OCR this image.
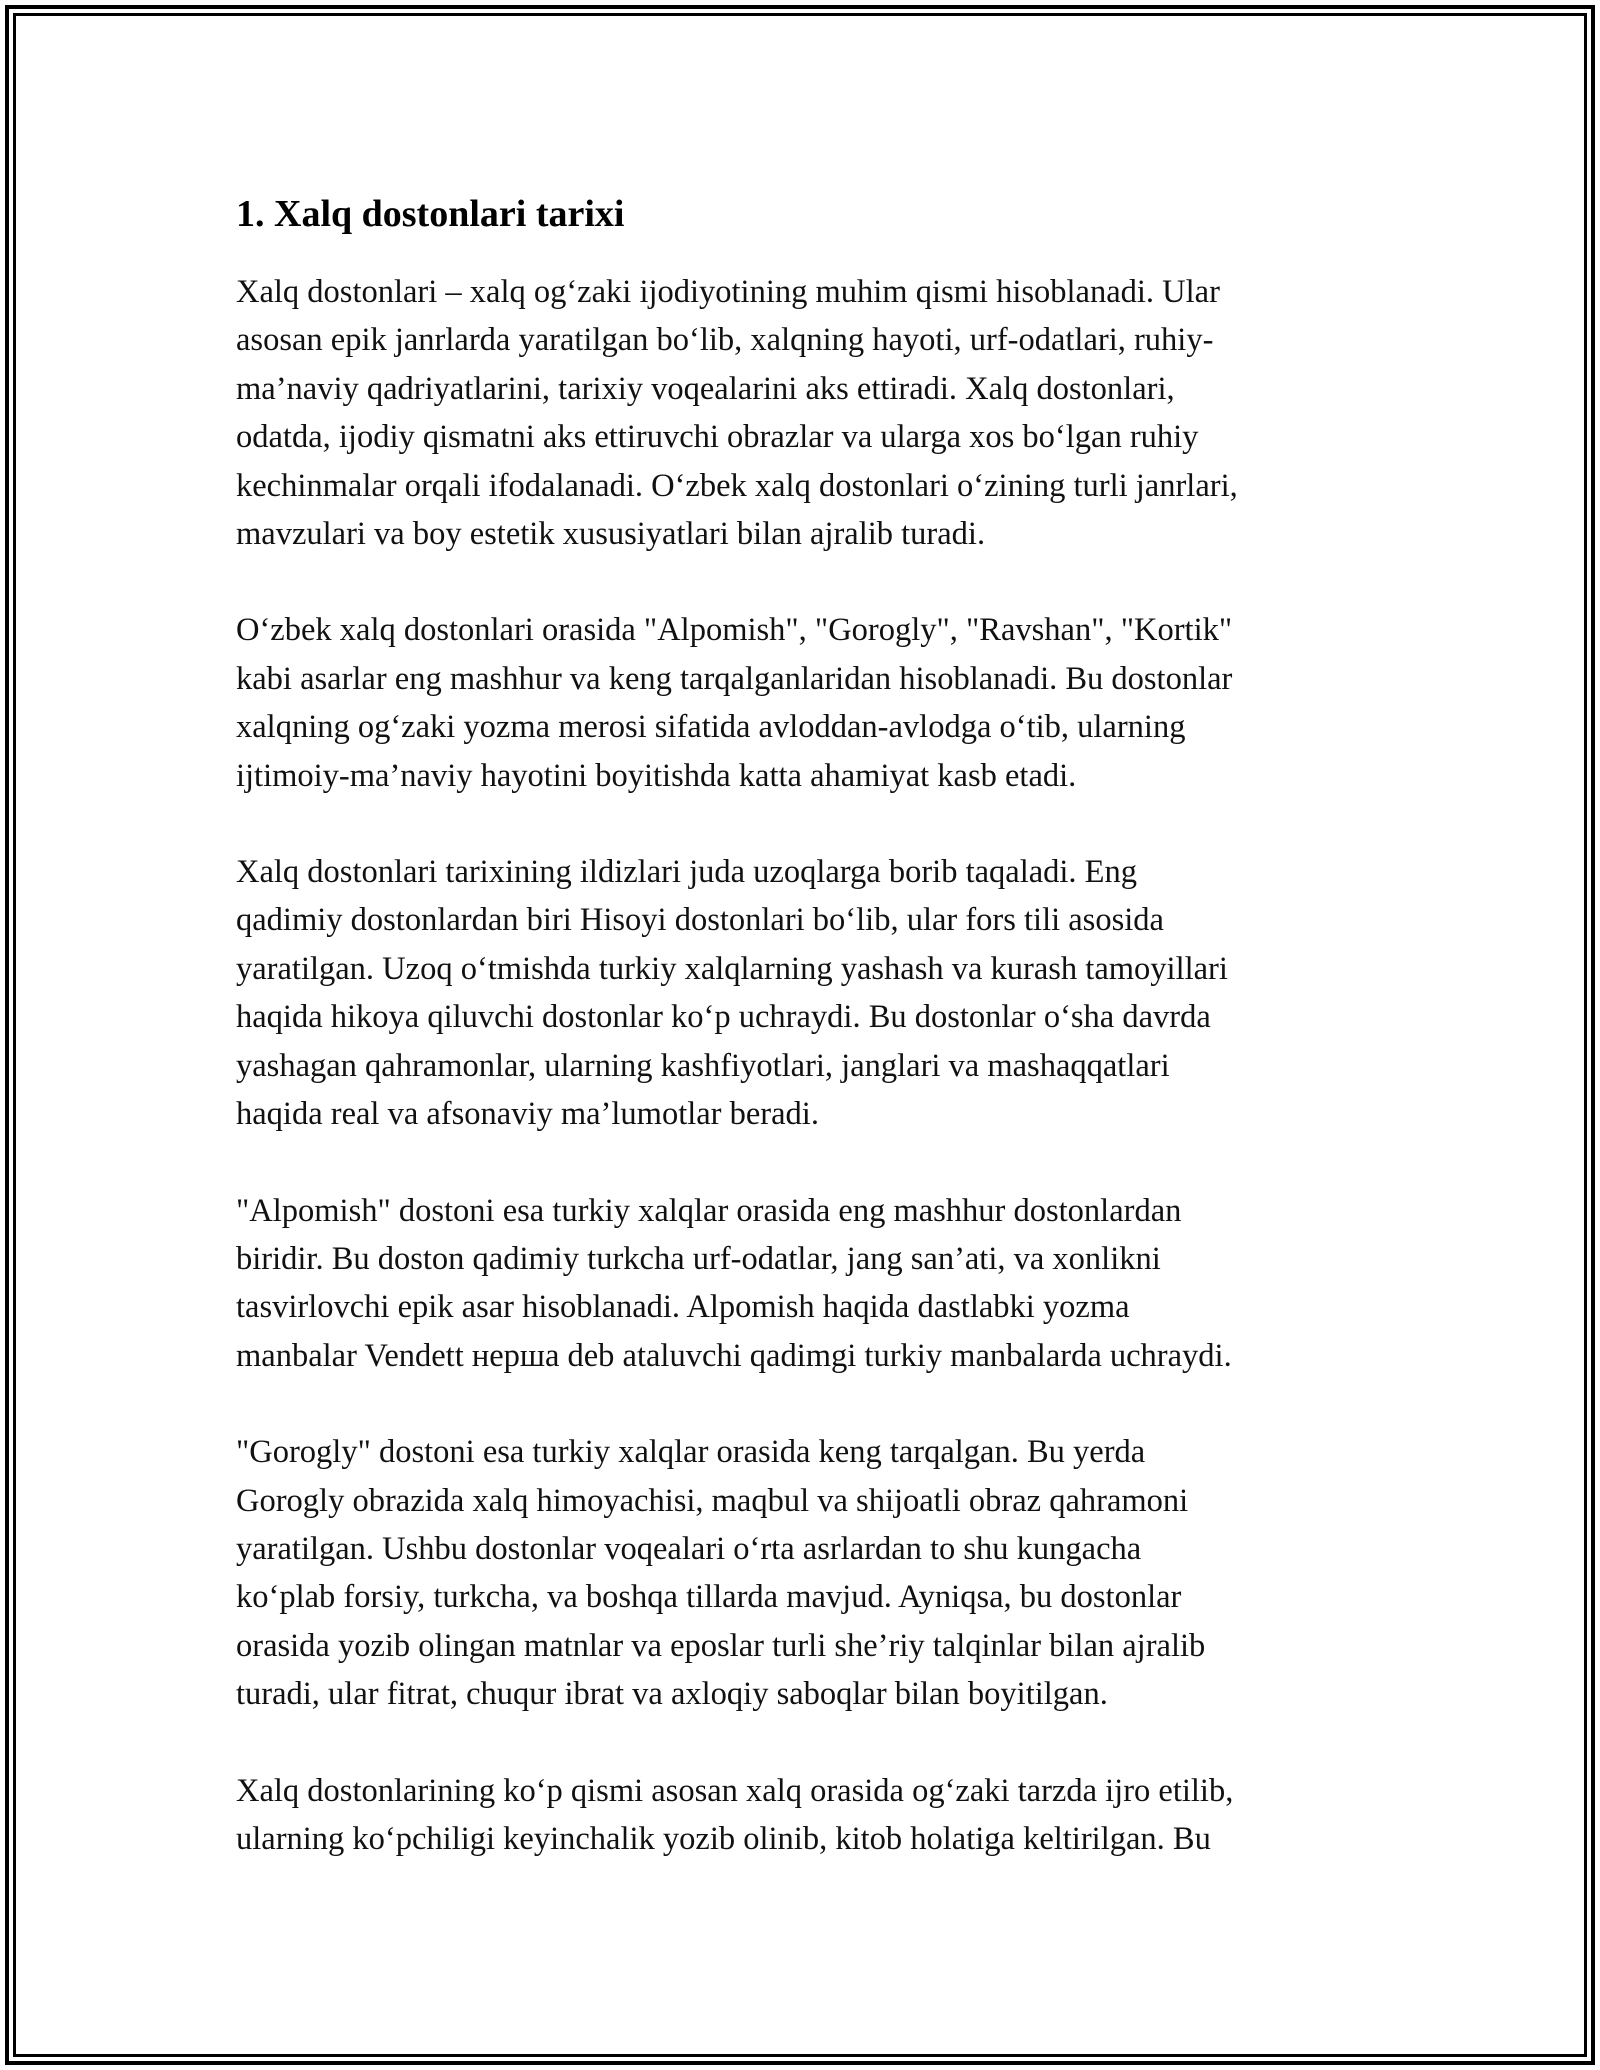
1. Xalq dostonlari tarixi

Xalq dostonlari – xalq og‘zaki ijodiyotining muhim qismi hisoblanadi. Ular
asosan epik janrlarda yaratilgan bo‘lib, xalqning hayoti, urf-odatlari, ruhiy-
ma’naviy qadriyatlarini, tarixiy voqealarini aks ettiradi. Xalq dostonlari,
odatda, ijodiy qismatni aks ettiruvchi obrazlar va ularga xos bo‘lgan ruhiy
kechinmalar orqali ifodalanadi. O‘zbek xalq dostonlari o‘zining turli janrlari,
mavzulari va boy estetik xususiyatlari bilan ajralib turadi.

O‘zbek xalq dostonlari orasida "Alpomish", "Gorogly", "Ravshan", "Kortik"
kabi asarlar eng mashhur va keng tarqalganlaridan hisoblanadi. Bu dostonlar
xalqning og‘zaki yozma merosi sifatida avloddan-avlodga o‘tib, ularning
ijtimoiy-ma’naviy hayotini boyitishda katta ahamiyat kasb etadi.

Xalq dostonlari tarixining ildizlari juda uzoqlarga borib taqaladi. Eng
qadimiy dostonlardan biri Hisoyi dostonlari bo‘lib, ular fors tili asosida
yaratilgan. Uzoq o‘tmishda turkiy xalqlarning yashash va kurash tamoyillari
haqida hikoya qiluvchi dostonlar ko‘p uchraydi. Bu dostonlar o‘sha davrda
yashagan qahramonlar, ularning kashfiyotlari, janglari va mashaqqatlari
haqida real va afsonaviy ma’lumotlar beradi.

"Alpomish" dostoni esa turkiy xalqlar orasida eng mashhur dostonlardan
biridir. Bu doston qadimiy turkcha urf-odatlar, jang san’ati, va xonlikni
tasvirlovchi epik asar hisoblanadi. Alpomish haqida dastlabki yozma
manbalar Vendett нерша deb ataluvchi qadimgi turkiy manbalarda uchraydi.

"Gorogly" dostoni esa turkiy xalqlar orasida keng tarqalgan. Bu yerda
Gorogly obrazida xalq himoyachisi, maqbul va shijoatli obraz qahramoni
yaratilgan. Ushbu dostonlar voqealari o‘rta asrlardan to shu kungacha
ko‘plab forsiy, turkcha, va boshqa tillarda mavjud. Ayniqsa, bu dostonlar
orasida yozib olingan matnlar va eposlar turli she’riy talqinlar bilan ajralib
turadi, ular fitrat, chuqur ibrat va axloqiy saboqlar bilan boyitilgan.

Xalq dostonlarining ko‘p qismi asosan xalq orasida og‘zaki tarzda ijro etilib,
ularning ko‘pchiligi keyinchalik yozib olinib, kitob holatiga keltirilgan. Bu
